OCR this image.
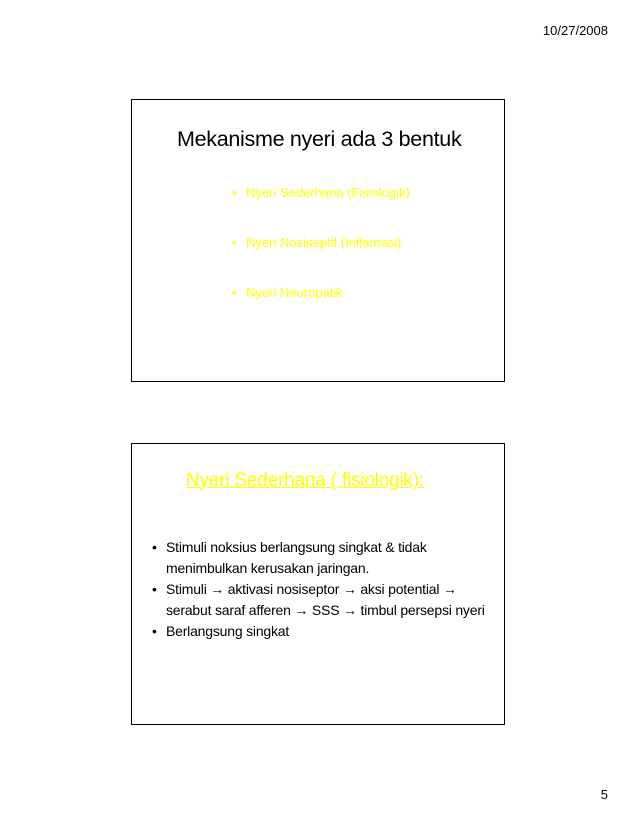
10/27/2008
Mekanisme nyeri ada 3 bentuk
• Nyeri Sederhana (Fisiologik)
• Nyeri Nosiseptif (Inflamasi)
• Nyeri Neuropatik
Nyeri Sederhana ( fisiologik):
• Stimuli noksius berlangsung singkat & tidak menimbulkan kerusakan jaringan.
• Stimuli → aktivasi nosiseptor → aksi potential → serabut saraf afferen → SSS → timbul persepsi nyeri
• Berlangsung singkat
5
